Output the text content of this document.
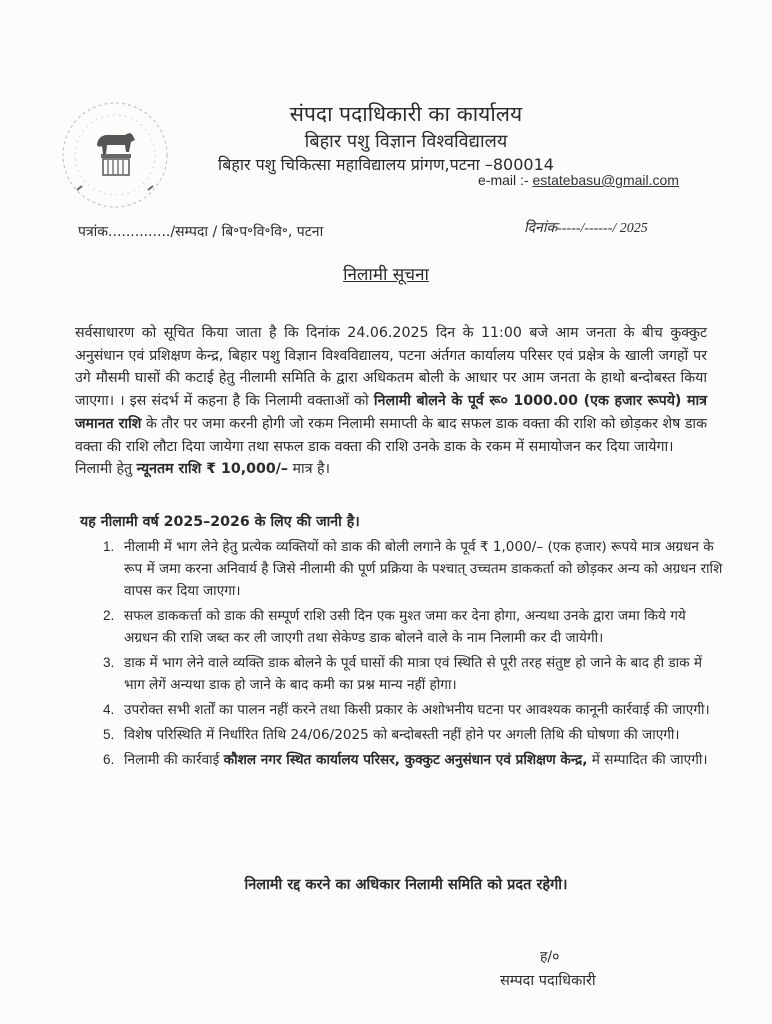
संपदा पदाधिकारी का कार्यालय
बिहार पशु विज्ञान विश्वविद्यालय
बिहार पशु चिकित्सा महाविद्यालय प्रांगण,पटना –800014
e-mail :- estatebasu@gmail.com
पत्रांक............../सम्पदा / बि॰प॰वि॰वि॰, पटना	दिनांक-----/------/ 2025
निलामी सूचना

सर्वसाधारण को सूचित किया जाता है कि दिनांक 24.06.2025 दिन के 11:00 बजे आम जनता के बीच कुक्कुट अनुसंधान एवं प्रशिक्षण केन्द्र, बिहार पशु विज्ञान विश्वविद्यालय, पटना अंर्तगत कार्यालय परिसर एवं प्रक्षेत्र के खाली जगहों पर उगे मौसमी घासों की कटाई हेतु नीलामी समिति के द्वारा अधिकतम बोली के आधार पर आम जनता के हाथो बन्दोबस्त किया जाएगा। । इस संदर्भ में कहना है कि निलामी वक्ताओं को निलामी बोलने के पूर्व रू० 1000.00 (एक हजार रूपये) मात्र जमानत राशि के तौर पर जमा करनी होगी जो रकम निलामी समाप्ती के बाद सफल डाक वक्ता की राशि को छोड़कर शेष डाक वक्ता की राशि लौटा दिया जायेगा तथा सफल डाक वक्ता की राशि उनके डाक के रकम में समायोजन कर दिया जायेगा।

निलामी हेतु न्यूनतम राशि ₹ 10,000/– मात्र है।

यह नीलामी वर्ष 2025–2026 के लिए की जानी है।
1. नीलामी में भाग लेने हेतु प्रत्येक व्यक्तियों को डाक की बोली लगाने के पूर्व ₹ 1,000/– (एक हजार) रूपये मात्र अग्रधन के रूप में जमा करना अनिवार्य है जिसे नीलामी की पूर्ण प्रक्रिया के पश्चात् उच्चतम डाककर्ता को छोड़कर अन्य को अग्रधन राशि वापस कर दिया जाएगा।
2. सफल डाककर्त्ता को डाक की सम्पूर्ण राशि उसी दिन एक मुश्त जमा कर देना होगा, अन्यथा उनके द्वारा जमा किये गये अग्रधन की राशि जब्त कर ली जाएगी तथा सेकेण्ड डाक बोलने वाले के नाम निलामी कर दी जायेगी।
3. डाक में भाग लेने वाले व्यक्ति डाक बोलने के पूर्व घासों की मात्रा एवं स्थिति से पूरी तरह संतुष्ट हो जाने के बाद ही डाक में भाग लेगें अन्यथा डाक हो जाने के बाद कमी का प्रश्न मान्य नहीं होगा।
4. उपरोक्त सभी शर्तों का पालन नहीं करने तथा किसी प्रकार के अशोभनीय घटना पर आवश्यक कानूनी कार्रवाई की जाएगी।
5. विशेष परिस्थिति में निर्धारित तिथि 24/06/2025 को बन्दोबस्ती नहीं होने पर अगली तिथि की घोषणा की जाएगी।
6. निलामी की कार्रवाई कौशल नगर स्थित कार्यालय परिसर, कुक्कुट अनुसंधान एवं प्रशिक्षण केन्द्र, में सम्पादित की जाएगी।
निलामी रद्द करने का अधिकार निलामी समिति को प्रदत रहेगी।
ह/०
सम्पदा पदाधिकारी
